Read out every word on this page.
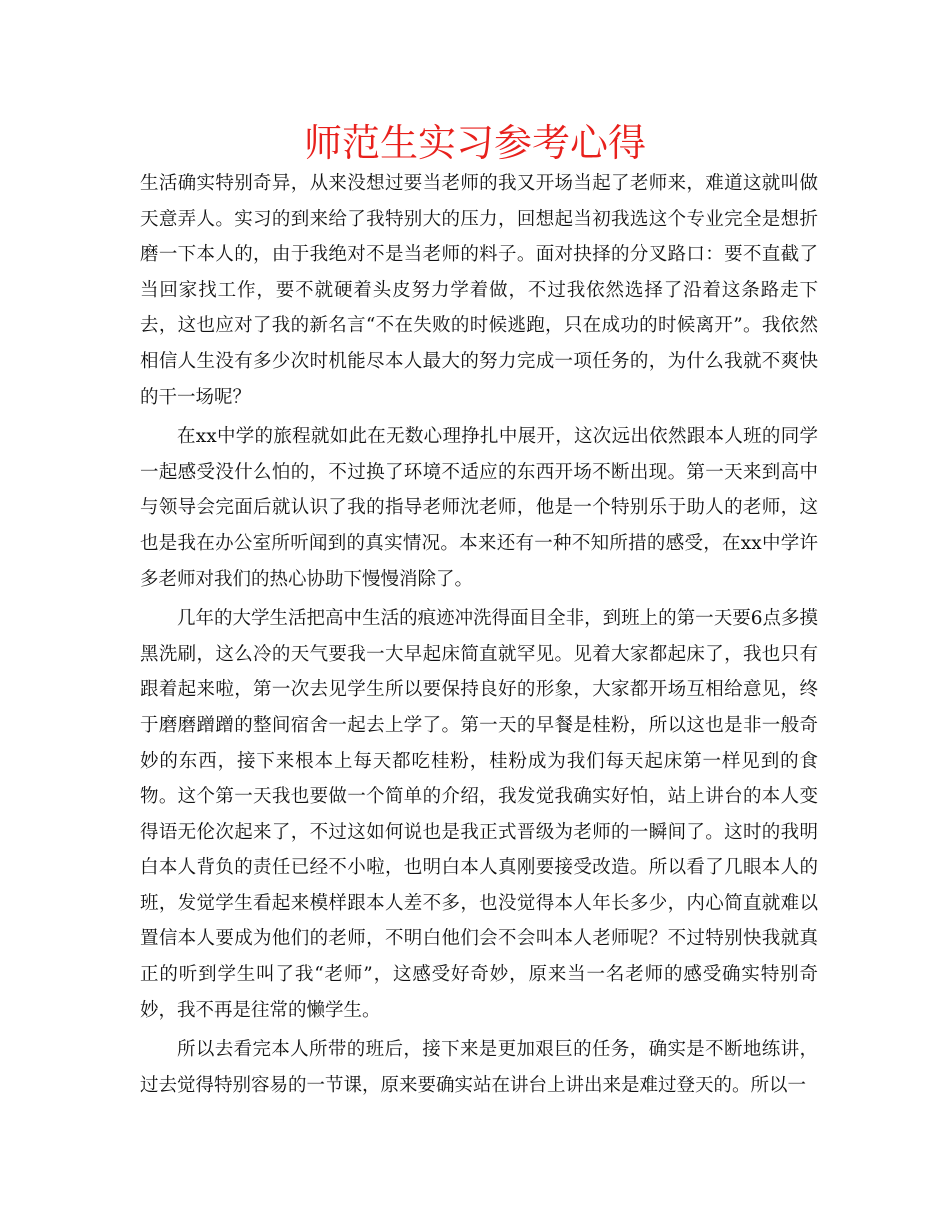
师范生实习参考心得

生活确实特别奇异，从来没想过要当老师的我又开场当起了老师来，难道这就叫做天意弄人。实习的到来给了我特别大的压力，回想起当初我选这个专业完全是想折磨一下本人的，由于我绝对不是当老师的料子。面对抉择的分叉路口：要不直截了当回家找工作，要不就硬着头皮努力学着做，不过我依然选择了沿着这条路走下去，这也应对了我的新名言“不在失败的时候逃跑，只在成功的时候离开”。我依然相信人生没有多少次时机能尽本人最大的努力完成一项任务的，为什么我就不爽快的干一场呢？

在xx中学的旅程就如此在无数心理挣扎中展开，这次远出依然跟本人班的同学一起感受没什么怕的，不过换了环境不适应的东西开场不断出现。第一天来到高中与领导会完面后就认识了我的指导老师沈老师，他是一个特别乐于助人的老师，这也是我在办公室所听闻到的真实情况。本来还有一种不知所措的感受，在xx中学许多老师对我们的热心协助下慢慢消除了。

几年的大学生活把高中生活的痕迹冲洗得面目全非，到班上的第一天要6点多摸黑洗刷，这么冷的天气要我一大早起床简直就罕见。见着大家都起床了，我也只有跟着起来啦，第一次去见学生所以要保持良好的形象，大家都开场互相给意见，终于磨磨蹭蹭的整间宿舍一起去上学了。第一天的早餐是桂粉，所以这也是非一般奇妙的东西，接下来根本上每天都吃桂粉，桂粉成为我们每天起床第一样见到的食物。这个第一天我也要做一个简单的介绍，我发觉我确实好怕，站上讲台的本人变得语无伦次起来了，不过这如何说也是我正式晋级为老师的一瞬间了。这时的我明白本人背负的责任已经不小啦，也明白本人真刚要接受改造。所以看了几眼本人的班，发觉学生看起来模样跟本人差不多，也没觉得本人年长多少，内心简直就难以置信本人要成为他们的老师，不明白他们会不会叫本人老师呢？不过特别快我就真正的听到学生叫了我“老师”，这感受好奇妙，原来当一名老师的感受确实特别奇妙，我不再是往常的懒学生。

所以去看完本人所带的班后，接下来是更加艰巨的任务，确实是不断地练讲，过去觉得特别容易的一节课，原来要确实站在讲台上讲出来是难过登天的。所以一
